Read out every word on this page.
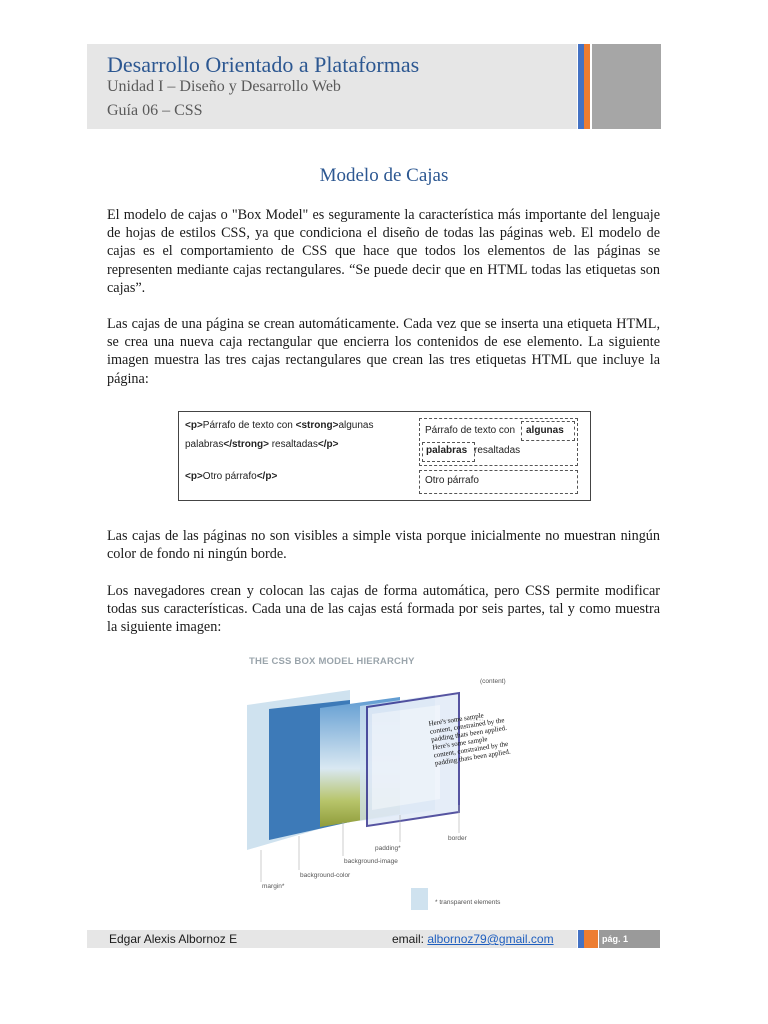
Desarrollo Orientado a Plataformas
Unidad I – Diseño y Desarrollo Web
Guía 06 – CSS
Modelo de Cajas
El modelo de cajas o "Box Model" es seguramente la característica más importante del lenguaje de hojas de estilos CSS, ya que condiciona el diseño de todas las páginas web. El modelo de cajas es el comportamiento de CSS que hace que todos los elementos de las páginas se representen mediante cajas rectangulares. “Se puede decir que en HTML todas las etiquetas son cajas”.
Las cajas de una página se crean automáticamente. Cada vez que se inserta una etiqueta HTML, se crea una nueva caja rectangular que encierra los contenidos de ese elemento. La siguiente imagen muestra las tres cajas rectangulares que crean las tres etiquetas HTML que incluye la página:
Las cajas de las páginas no son visibles a simple vista porque inicialmente no muestran ningún color de fondo ni ningún borde.
Los navegadores crean y colocan las cajas de forma automática, pero CSS permite modificar todas sus características. Cada una de las cajas está formada por seis partes, tal y como muestra la siguiente imagen:
<p>Párrafo de texto con <strong>algunas
palabras</strong> resaltadas</p>
<p>Otro párrafo</p>
Párrafo de texto con algunas
palabras resaltadas
Otro párrafo
THE CSS BOX MODEL HIERARCHY
Here's some sample content, constrained by the padding thats been applied. Here's some sample content, constrained by the padding thats been applied.
(content)
border
padding*
background-image
background-color
margin*
* transparent elements
Edgar Alexis Albornoz E	email: albornoz79@gmail.com	pág. 1
